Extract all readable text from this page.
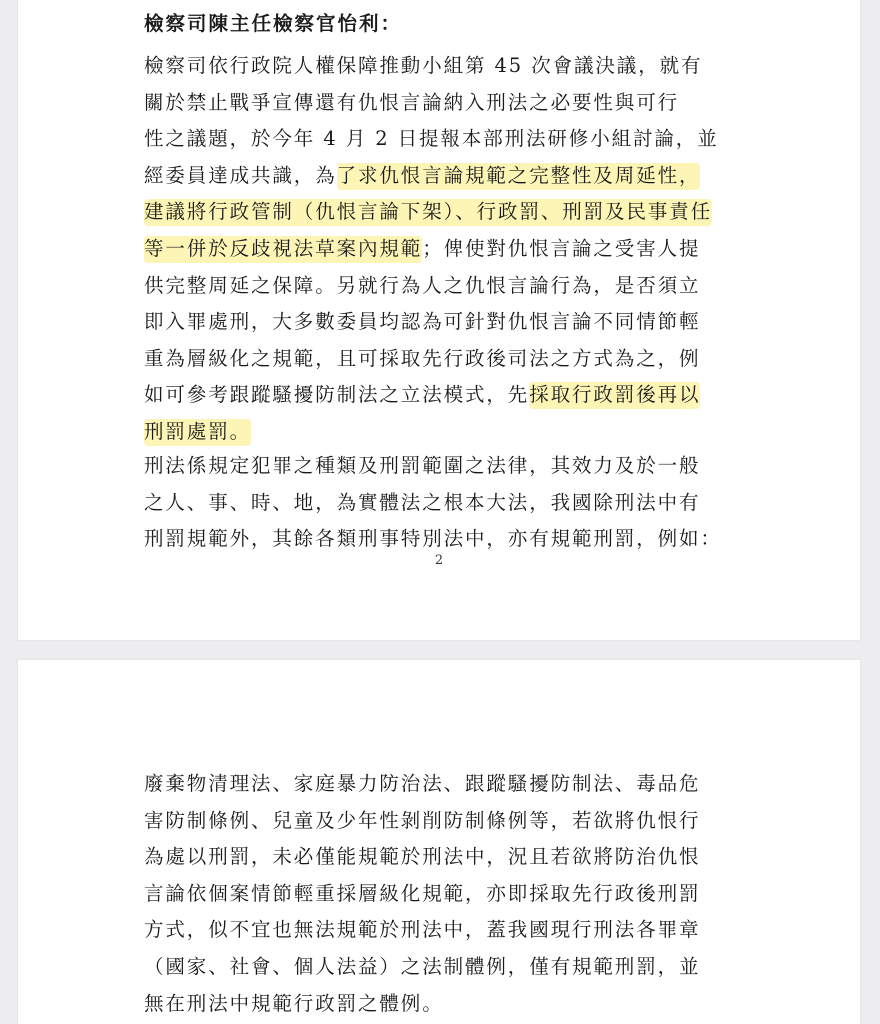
檢察司陳主任檢察官怡利：
檢察司依行政院人權保障推動小組第 45 次會議決議，就有
關於禁止戰爭宣傳還有仇恨言論納入刑法之必要性與可行
性之議題，於今年 4 月 2 日提報本部刑法研修小組討論，並
經委員達成共識，為了求仇恨言論規範之完整性及周延性，
建議將行政管制（仇恨言論下架）、行政罰、刑罰及民事責任
等一併於反歧視法草案內規範；俾使對仇恨言論之受害人提
供完整周延之保障。另就行為人之仇恨言論行為，是否須立
即入罪處刑，大多數委員均認為可針對仇恨言論不同情節輕
重為層級化之規範，且可採取先行政後司法之方式為之，例
如可參考跟蹤騷擾防制法之立法模式，先採取行政罰後再以
刑罰處罰。
刑法係規定犯罪之種類及刑罰範圍之法律，其效力及於一般
之人、事、時、地，為實體法之根本大法，我國除刑法中有
刑罰規範外，其餘各類刑事特別法中，亦有規範刑罰，例如：
2
廢棄物清理法、家庭暴力防治法、跟蹤騷擾防制法、毒品危
害防制條例、兒童及少年性剝削防制條例等，若欲將仇恨行
為處以刑罰，未必僅能規範於刑法中，況且若欲將防治仇恨
言論依個案情節輕重採層級化規範，亦即採取先行政後刑罰
方式，似不宜也無法規範於刑法中，蓋我國現行刑法各罪章
（國家、社會、個人法益）之法制體例，僅有規範刑罰，並
無在刑法中規範行政罰之體例。
